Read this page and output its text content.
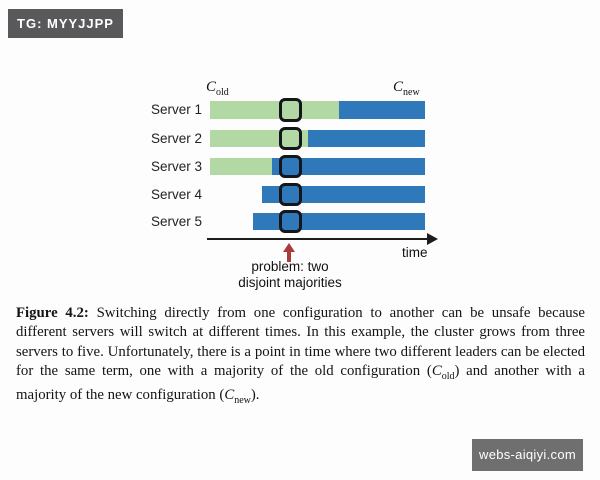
TG: MYYJJPP
$C_{old}$	$C_{new}$
Server 1
Server 2
Server 3
Server 4
Server 5
time
problem: two
disjoint majorities

Figure 4.2: Switching directly from one configuration to another can be unsafe because different servers will switch at different times. In this example, the cluster grows from three servers to five. Unfortunately, there is a point in time where two different leaders can be elected for the same term, one with a majority of the old configuration $(C_{old})$ and another with a majority of the new configuration $(C_{new})$.

webs-aiqiyi.com
